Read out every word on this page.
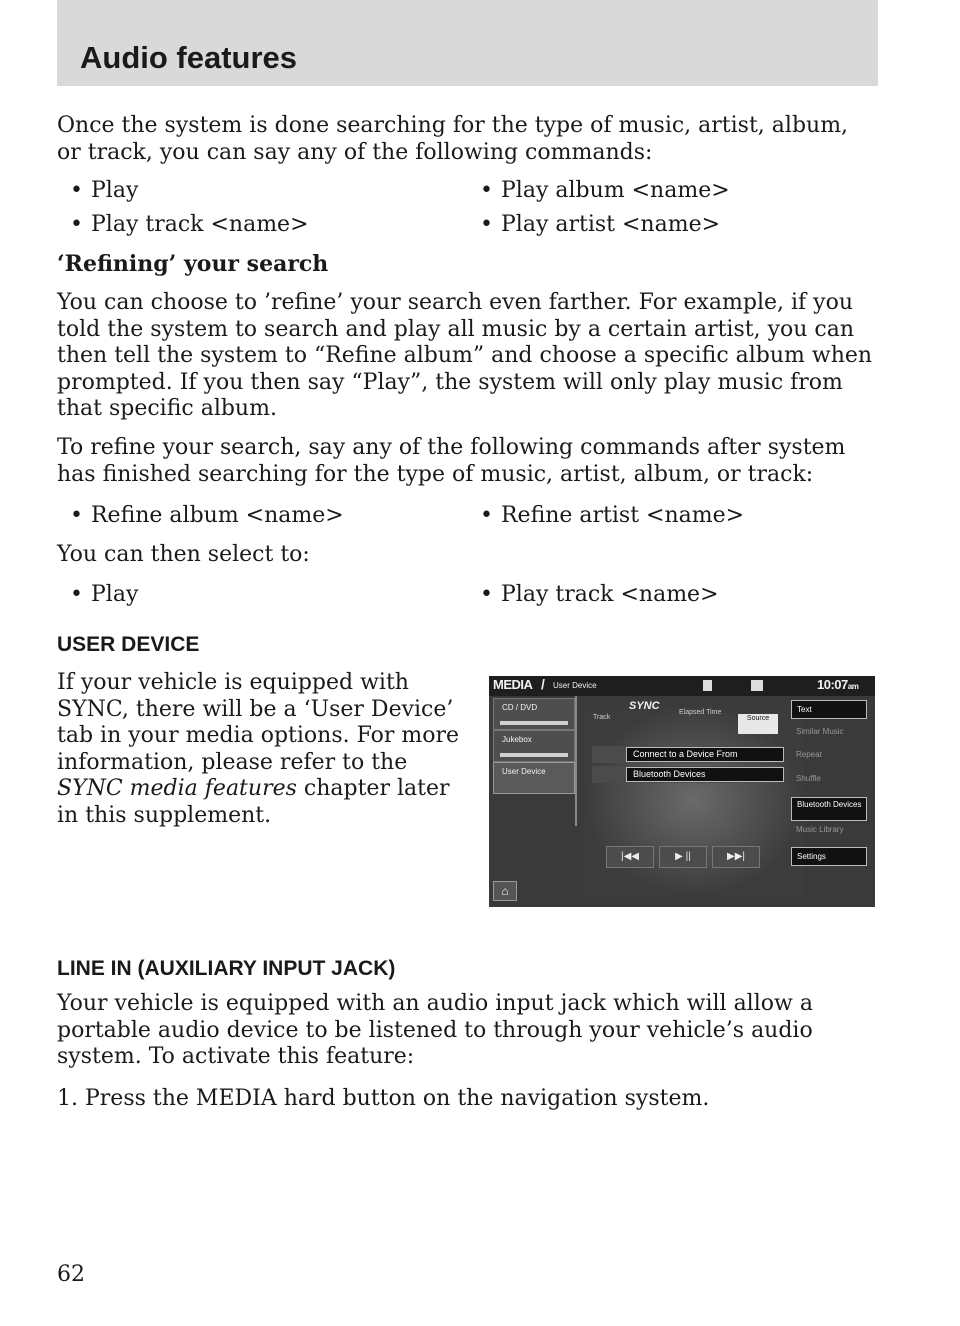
Audio features
Once the system is done searching for the type of music, artist, album, or track, you can say any of the following commands:
• Play
• Play track <name>
• Play album <name>
• Play artist <name>
‘Refining’ your search
You can choose to ’refine’ your search even farther. For example, if you told the system to search and play all music by a certain artist, you can then tell the system to “Refine album” and choose a specific album when prompted. If you then say “Play”, the system will only play music from that specific album.
To refine your search, say any of the following commands after system has finished searching for the type of music, artist, album, or track:
• Refine album <name>	• Refine artist <name>
You can then select to:
• Play	• Play track <name>
USER DEVICE
If your vehicle is equipped with SYNC, there will be a ‘User Device’ tab in your media options. For more information, please refer to the SYNC media features chapter later in this supplement.
MEDIA / User Device	10:07am
CD / DVD
Jukebox
User Device
SYNC
Track
Elapsed Time
Source
Connect to a Device From
Bluetooth Devices
Text
Similar Music
Repeat
Shuffle
Bluetooth Devices
Music Library
Settings
|◀◀	▶ ||	▶▶|
⌂
LINE IN (AUXILIARY INPUT JACK)
Your vehicle is equipped with an audio input jack which will allow a portable audio device to be listened to through your vehicle’s audio system. To activate this feature:
1. Press the MEDIA hard button on the navigation system.
62
